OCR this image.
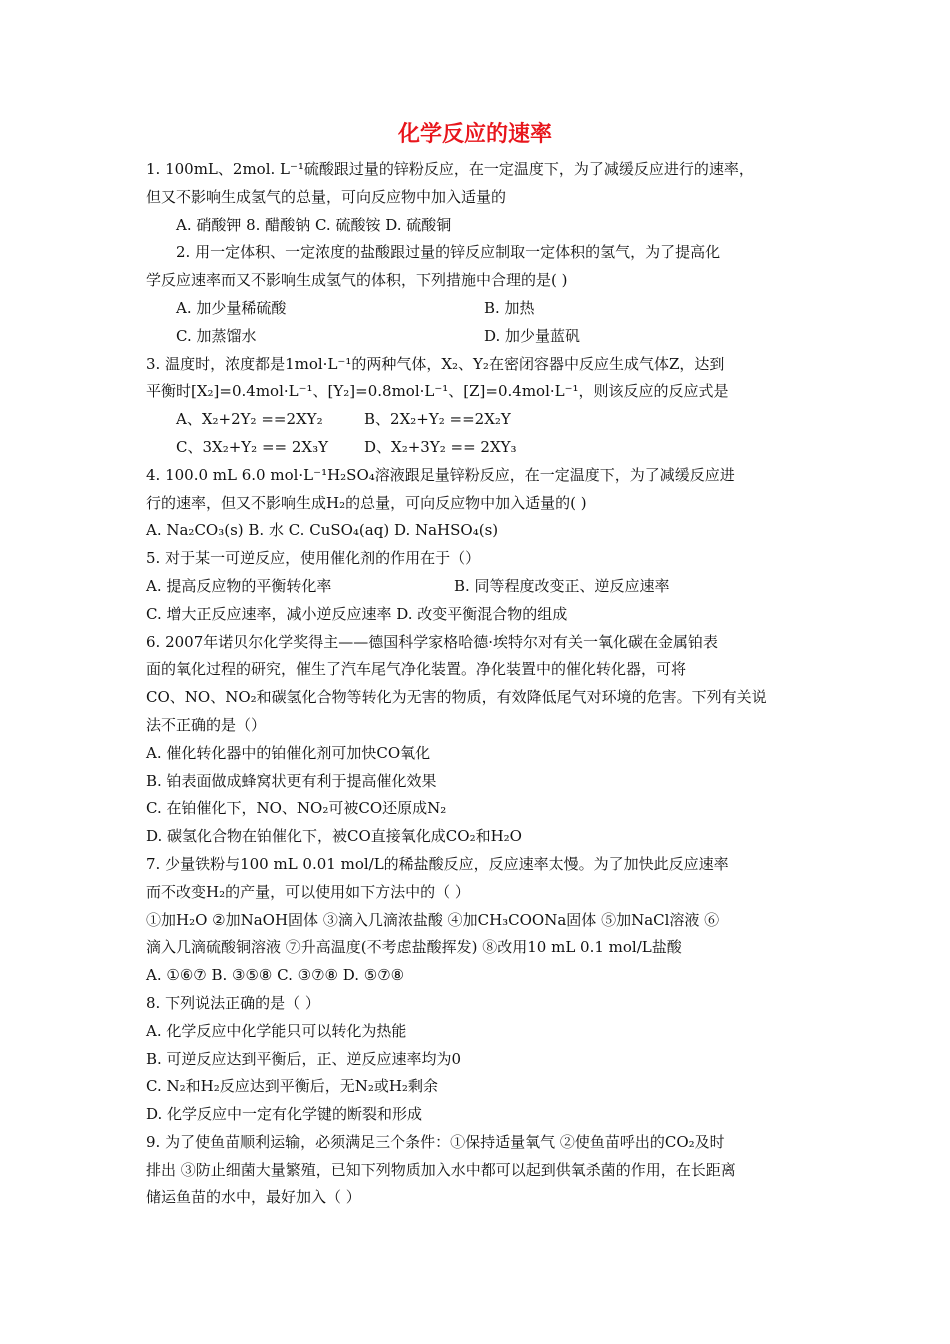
化学反应的速率
1. 100mL、2mol. L⁻¹硫酸跟过量的锌粉反应，在一定温度下，为了减缓反应进行的速率，
但又不影响生成氢气的总量，可向反应物中加入适量的
A. 硝酸钾 8. 醋酸钠 C. 硫酸铵 D. 硫酸铜
2. 用一定体积、一定浓度的盐酸跟过量的锌反应制取一定体积的氢气，为了提高化
学反应速率而又不影响生成氢气的体积，下列措施中合理的是( )
A. 加少量稀硫酸	B. 加热
C. 加蒸馏水	D. 加少量蓝矾
3. 温度时，浓度都是1mol·L⁻¹的两种气体，X₂、Y₂在密闭容器中反应生成气体Z，达到
平衡时[X₂]=0.4mol·L⁻¹、[Y₂]=0.8mol·L⁻¹、[Z]=0.4mol·L⁻¹，则该反应的反应式是
A、X₂+2Y₂ ==2XY₂	B、2X₂+Y₂ ==2X₂Y
C、3X₂+Y₂ == 2X₃Y D、X₂+3Y₂ == 2XY₃
4. 100.0 mL 6.0 mol·L⁻¹H₂SO₄溶液跟足量锌粉反应，在一定温度下，为了减缓反应进
行的速率，但又不影响生成H₂的总量，可向反应物中加入适量的( )
A. Na₂CO₃(s) B. 水 C. CuSO₄(aq) D. NaHSO₄(s)
5. 对于某一可逆反应，使用催化剂的作用在于（）
A. 提高反应物的平衡转化率	B. 同等程度改变正、逆反应速率
C. 增大正反应速率，减小逆反应速率 D. 改变平衡混合物的组成
6. 2007年诺贝尔化学奖得主——德国科学家格哈德·埃特尔对有关一氧化碳在金属铂表
面的氧化过程的研究，催生了汽车尾气净化装置。净化装置中的催化转化器，可将
CO、NO、NO₂和碳氢化合物等转化为无害的物质，有效降低尾气对环境的危害。下列有关说
法不正确的是（）
A. 催化转化器中的铂催化剂可加快CO氧化
B. 铂表面做成蜂窝状更有利于提高催化效果
C. 在铂催化下，NO、NO₂可被CO还原成N₂
D. 碳氢化合物在铂催化下，被CO直接氧化成CO₂和H₂O
7. 少量铁粉与100 mL 0.01 mol/L的稀盐酸反应，反应速率太慢。为了加快此反应速率
而不改变H₂的产量，可以使用如下方法中的（ ）
①加H₂O ②加NaOH固体 ③滴入几滴浓盐酸 ④加CH₃COONa固体 ⑤加NaCl溶液 ⑥
滴入几滴硫酸铜溶液 ⑦升高温度(不考虑盐酸挥发) ⑧改用10 mL 0.1 mol/L盐酸
A. ①⑥⑦ B. ③⑤⑧ C. ③⑦⑧ D. ⑤⑦⑧
8. 下列说法正确的是（ ）
A. 化学反应中化学能只可以转化为热能
B. 可逆反应达到平衡后，正、逆反应速率均为0
C. N₂和H₂反应达到平衡后，无N₂或H₂剩余
D. 化学反应中一定有化学键的断裂和形成
9. 为了使鱼苗顺利运输，必须满足三个条件：①保持适量氧气 ②使鱼苗呼出的CO₂及时
排出 ③防止细菌大量繁殖，已知下列物质加入水中都可以起到供氧杀菌的作用，在长距离
储运鱼苗的水中，最好加入（ ）
